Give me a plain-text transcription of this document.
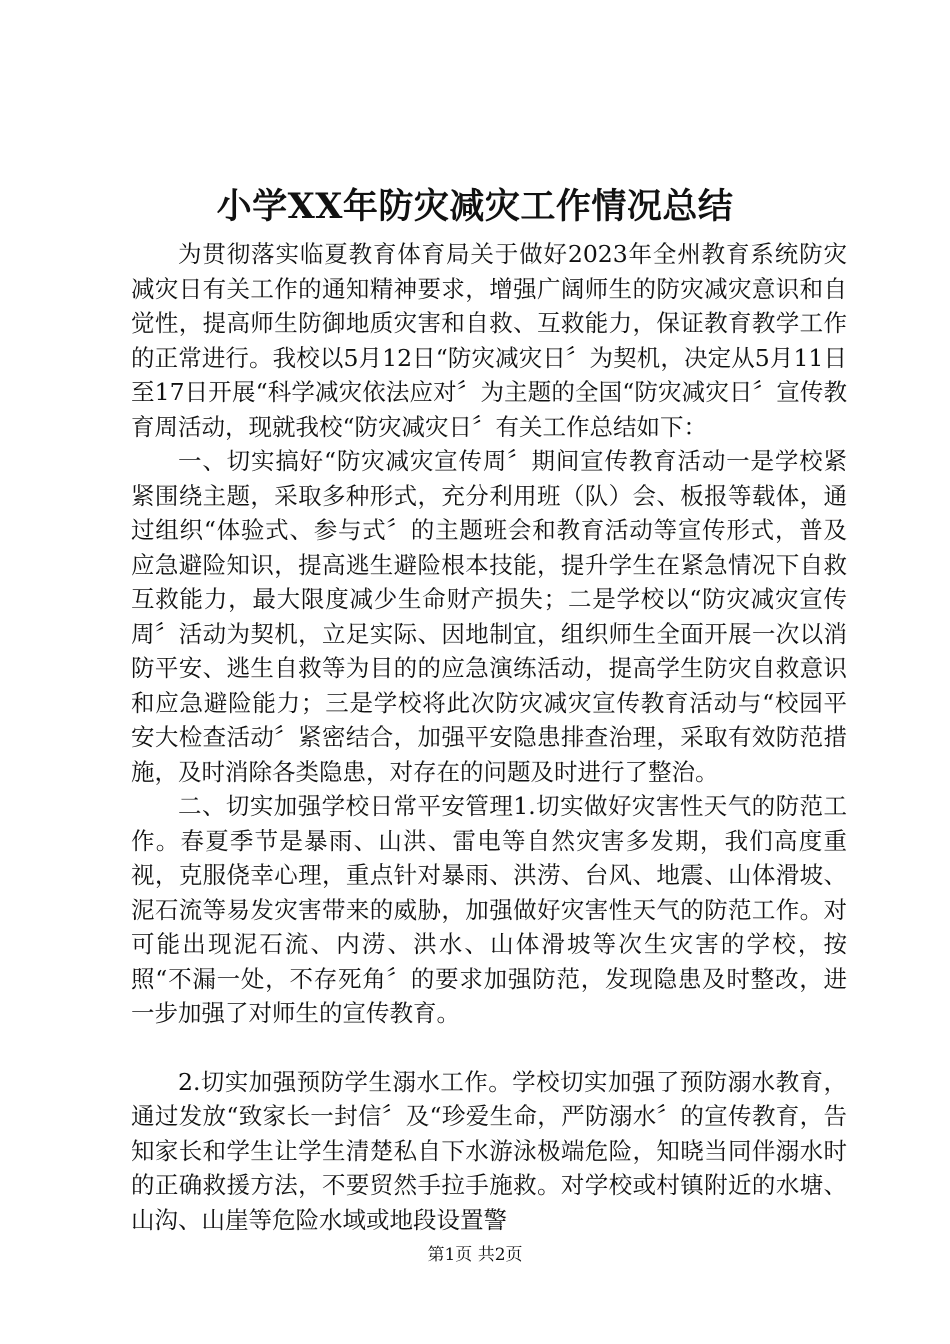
小学XX年防灾减灾工作情况总结

为贯彻落实临夏教育体育局关于做好2023年全州教育系统防灾减灾日有关工作的通知精神要求，增强广阔师生的防灾减灾意识和自觉性，提高师生防御地质灾害和自救、互救能力，保证教育教学工作的正常进行。我校以5月12日“防灾减灾日〞为契机，决定从5月11日至17日开展“科学减灾依法应对〞为主题的全国“防灾减灾日〞宣传教育周活动，现就我校“防灾减灾日〞有关工作总结如下：

一、切实搞好“防灾减灾宣传周〞期间宣传教育活动一是学校紧紧围绕主题，采取多种形式，充分利用班（队）会、板报等载体，通过组织“体验式、参与式〞的主题班会和教育活动等宣传形式，普及应急避险知识，提高逃生避险根本技能，提升学生在紧急情况下自救互救能力，最大限度减少生命财产损失；二是学校以“防灾减灾宣传周〞活动为契机，立足实际、因地制宜，组织师生全面开展一次以消防平安、逃生自救等为目的的应急演练活动，提高学生防灾自救意识和应急避险能力；三是学校将此次防灾减灾宣传教育活动与“校园平安大检查活动〞紧密结合，加强平安隐患排查治理，采取有效防范措施，及时消除各类隐患，对存在的问题及时进行了整治。

二、切实加强学校日常平安管理1.切实做好灾害性天气的防范工作。春夏季节是暴雨、山洪、雷电等自然灾害多发期，我们高度重视，克服侥幸心理，重点针对暴雨、洪涝、台风、地震、山体滑坡、泥石流等易发灾害带来的威胁，加强做好灾害性天气的防范工作。对可能出现泥石流、内涝、洪水、山体滑坡等次生灾害的学校，按照“不漏一处，不存死角〞的要求加强防范，发现隐患及时整改，进一步加强了对师生的宣传教育。

2.切实加强预防学生溺水工作。学校切实加强了预防溺水教育，通过发放“致家长一封信〞及“珍爱生命，严防溺水〞的宣传教育，告知家长和学生让学生清楚私自下水游泳极端危险，知晓当同伴溺水时的正确救援方法，不要贸然手拉手施救。对学校或村镇附近的水塘、山沟、山崖等危险水域或地段设置警

第1页 共2页
